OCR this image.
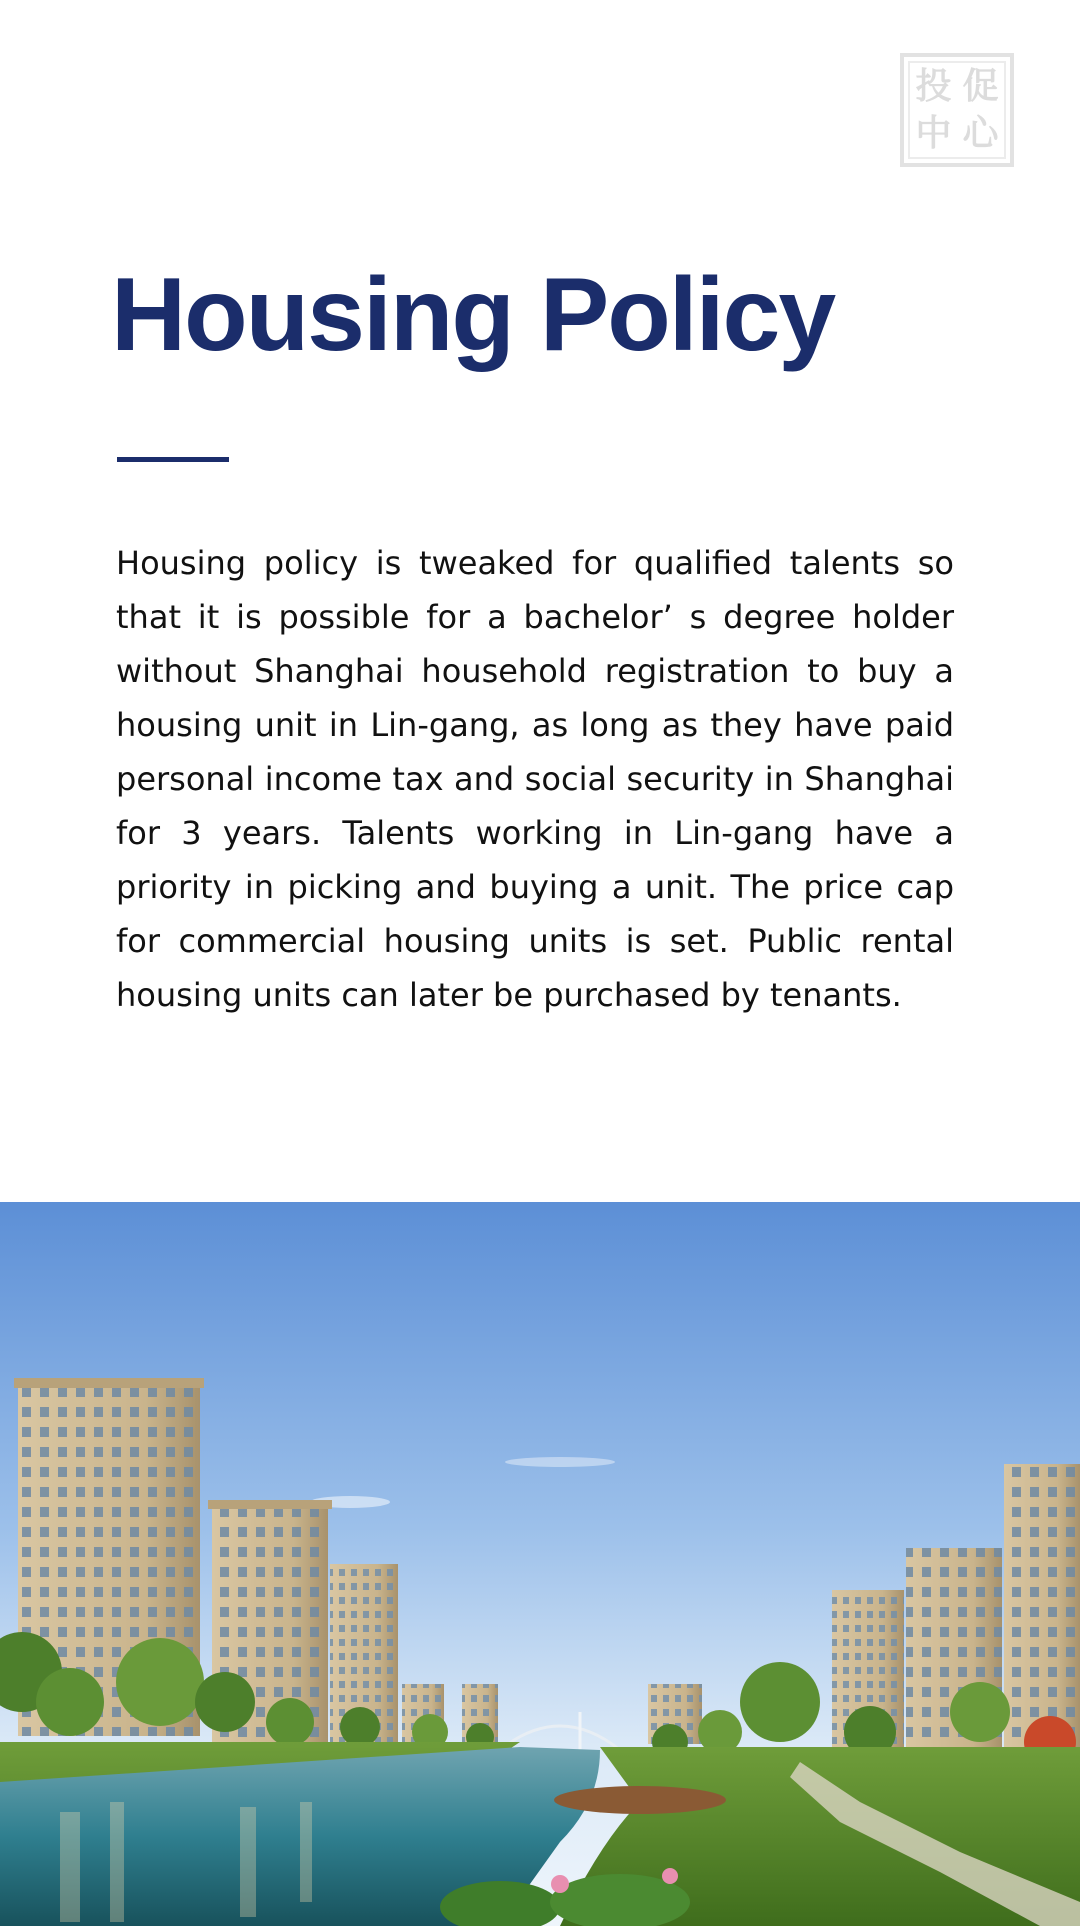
投 促
中 心
Housing Policy

Housing policy is tweaked for qualified talents so that it is possible for a bachelor’ s degree holder without Shanghai household registration to buy a housing unit in Lin-gang, as long as they have paid personal income tax and social security in Shanghai for 3 years. Talents working in Lin-gang have a priority in picking and buying a unit. The price cap for commercial housing units is set. Public rental housing units can later be purchased by tenants.
